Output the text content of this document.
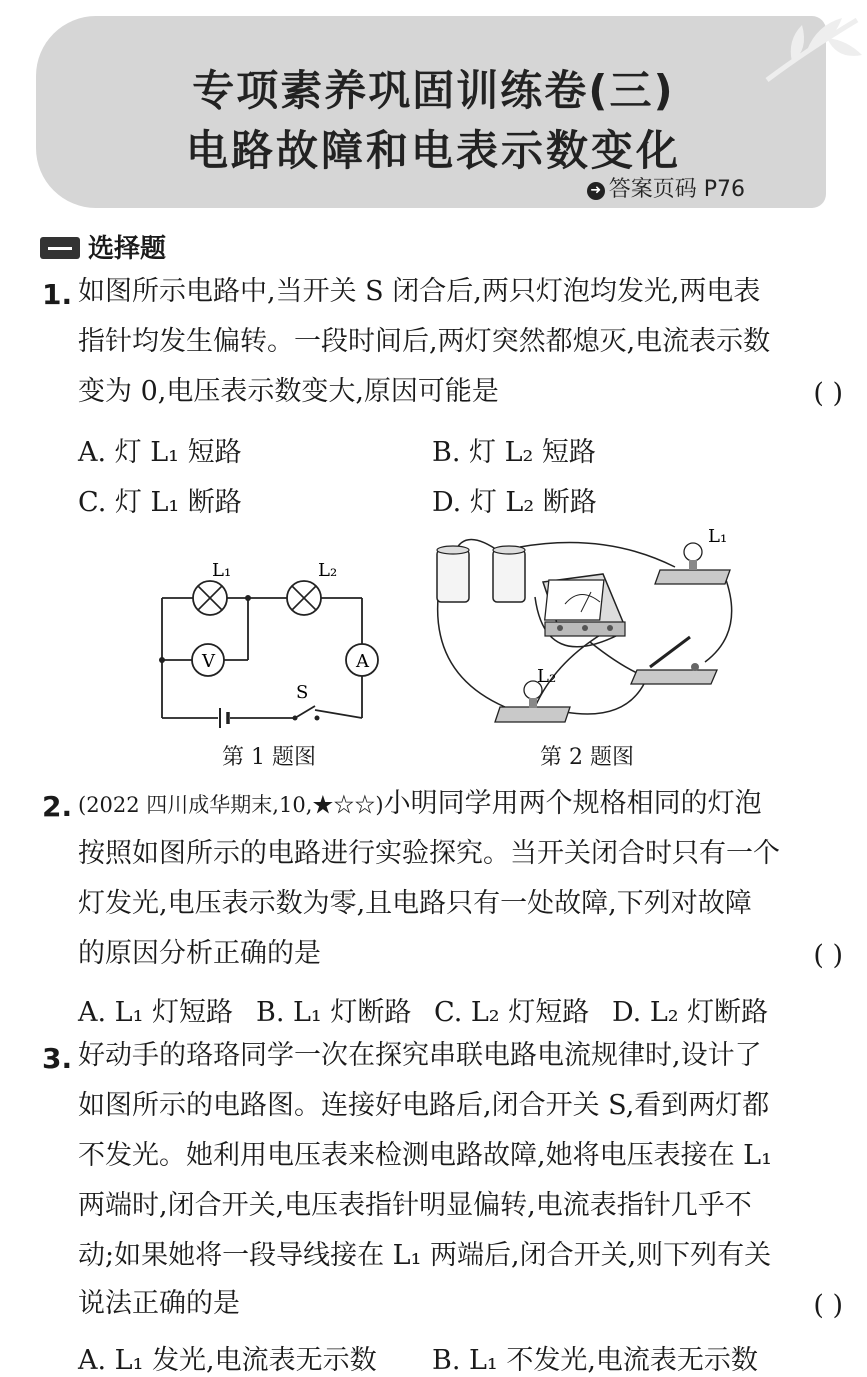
专项素养巩固训练卷(三)
电路故障和电表示数变化
➜ 答案页码 P76
选择题
1. 如图所示电路中,当开关 S 闭合后,两只灯泡均发光,两电表
指针均发生偏转。一段时间后,两灯突然都熄灭,电流表示数
变为 0,电压表示数变大,原因可能是	( )
A. 灯 L₁ 短路	B. 灯 L₂ 短路
C. 灯 L₁ 断路	D. 灯 L₂ 断路
V	A
L₁	L₂
S
第 1 题图
L₁
L₂
第 2 题图
2. (2022 四川成华期末,10,★☆☆)小明同学用两个规格相同的灯泡
按照如图所示的电路进行实验探究。当开关闭合时只有一个
灯发光,电压表示数为零,且电路只有一处故障,下列对故障
的原因分析正确的是	( )
A. L₁ 灯短路 B. L₁ 灯断路 C. L₂ 灯短路 D. L₂ 灯断路
3. 好动手的珞珞同学一次在探究串联电路电流规律时,设计了
如图所示的电路图。连接好电路后,闭合开关 S,看到两灯都
不发光。她利用电压表来检测电路故障,她将电压表接在 L₁
两端时,闭合开关,电压表指针明显偏转,电流表指针几乎不
动;如果她将一段导线接在 L₁ 两端后,闭合开关,则下列有关
说法正确的是	( )
A. L₁ 发光,电流表无示数 B. L₁ 不发光,电流表无示数
